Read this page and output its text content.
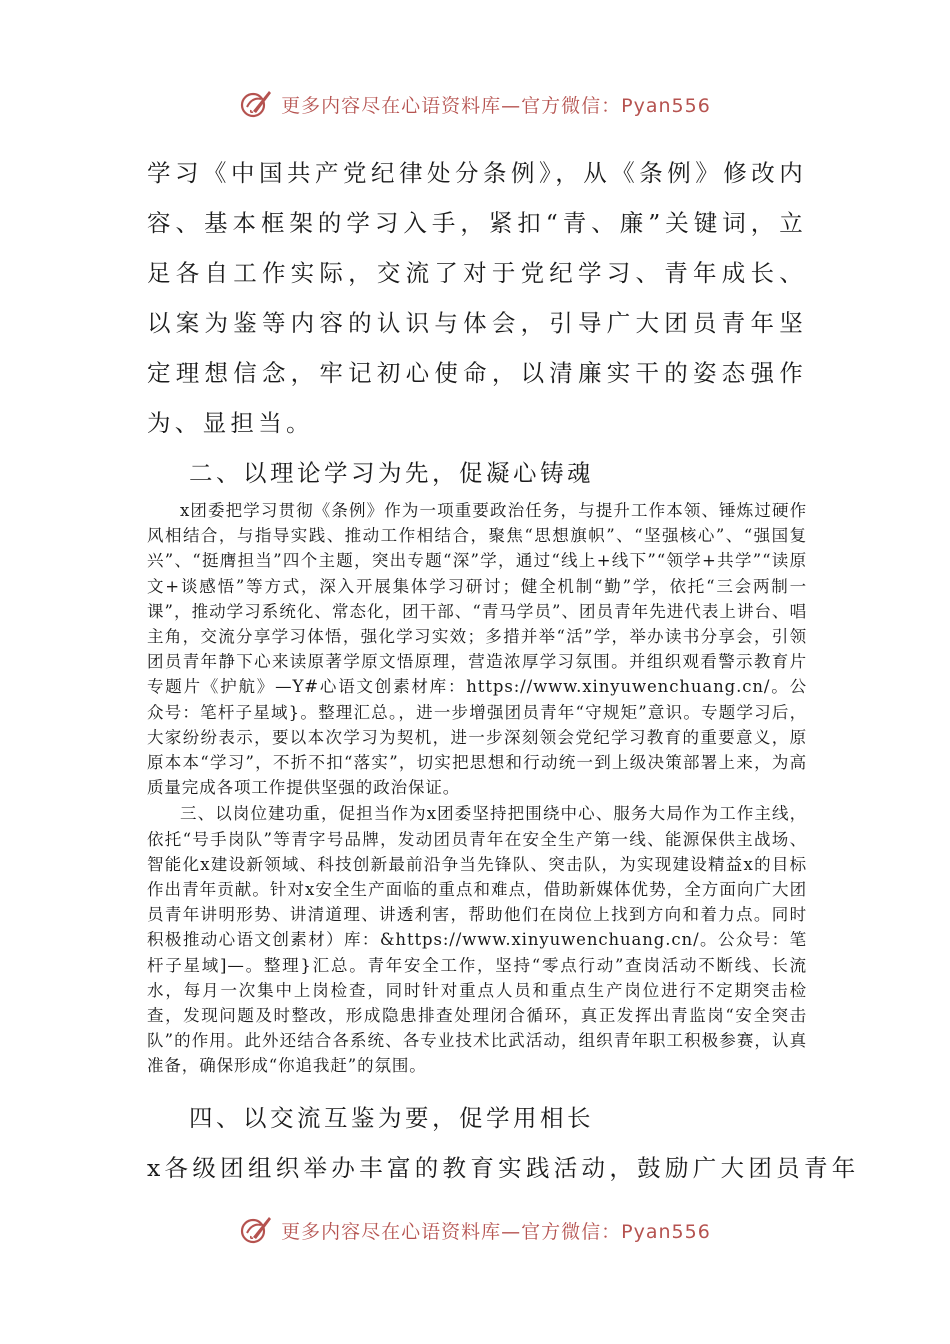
更多内容尽在心语资料库—官方微信：Pyan556

学习《中国共产党纪律处分条例》，从《条例》修改内容、基本框架的学习入手，紧扣“青、廉”关键词，立足各自工作实际，交流了对于党纪学习、青年成长、以案为鉴等内容的认识与体会，引导广大团员青年坚定理想信念，牢记初心使命，以清廉实干的姿态强作为、显担当。

二、以理论学习为先，促凝心铸魂

x团委把学习贯彻《条例》作为一项重要政治任务，与提升工作本领、锤炼过硬作风相结合，与指导实践、推动工作相结合，聚焦“思想旗帜”、“坚强核心”、“强国复兴”、“挺膺担当”四个主题，突出专题“深”学，通过“线上+线下”“领学+共学”“读原文+谈感悟”等方式，深入开展集体学习研讨；健全机制“勤”学，依托“三会两制一课”，推动学习系统化、常态化，团干部、“青马学员”、团员青年先进代表上讲台、唱主角，交流分享学习体悟，强化学习实效；多措并举“活”学，举办读书分享会，引领团员青年静下心来读原著学原文悟原理，营造浓厚学习氛围。并组织观看警示教育片专题片《护航》—Y#心语文创素材库：https://www.xinyuwenchuang.cn/。公众号：笔杆子星域}。整理汇总。，进一步增强团员青年“守规矩”意识。专题学习后，大家纷纷表示，要以本次学习为契机，进一步深刻领会党纪学习教育的重要意义，原原本本“学习”，不折不扣“落实”，切实把思想和行动统一到上级决策部署上来，为高质量完成各项工作提供坚强的政治保证。

三、以岗位建功重，促担当作为x团委坚持把围绕中心、服务大局作为工作主线，依托“号手岗队”等青字号品牌，发动团员青年在安全生产第一线、能源保供主战场、智能化x建设新领域、科技创新最前沿争当先锋队、突击队，为实现建设精益x的目标作出青年贡献。针对x安全生产面临的重点和难点，借助新媒体优势，全方面向广大团员青年讲明形势、讲清道理、讲透利害，帮助他们在岗位上找到方向和着力点。同时积极推动心语文创素材）库：&https://www.xinyuwenchuang.cn/。公众号：笔杆子星域]—。整理}汇总。青年安全工作，坚持“零点行动”查岗活动不断线、长流水，每月一次集中上岗检查，同时针对重点人员和重点生产岗位进行不定期突击检查，发现问题及时整改，形成隐患排查处理闭合循环，真正发挥出青监岗“安全突击队”的作用。此外还结合各系统、各专业技术比武活动，组织青年职工积极参赛，认真准备，确保形成“你追我赶”的氛围。

四、以交流互鉴为要，促学用相长

x各级团组织举办丰富的教育实践活动，鼓励广大团员青年

更多内容尽在心语资料库—官方微信：Pyan556
